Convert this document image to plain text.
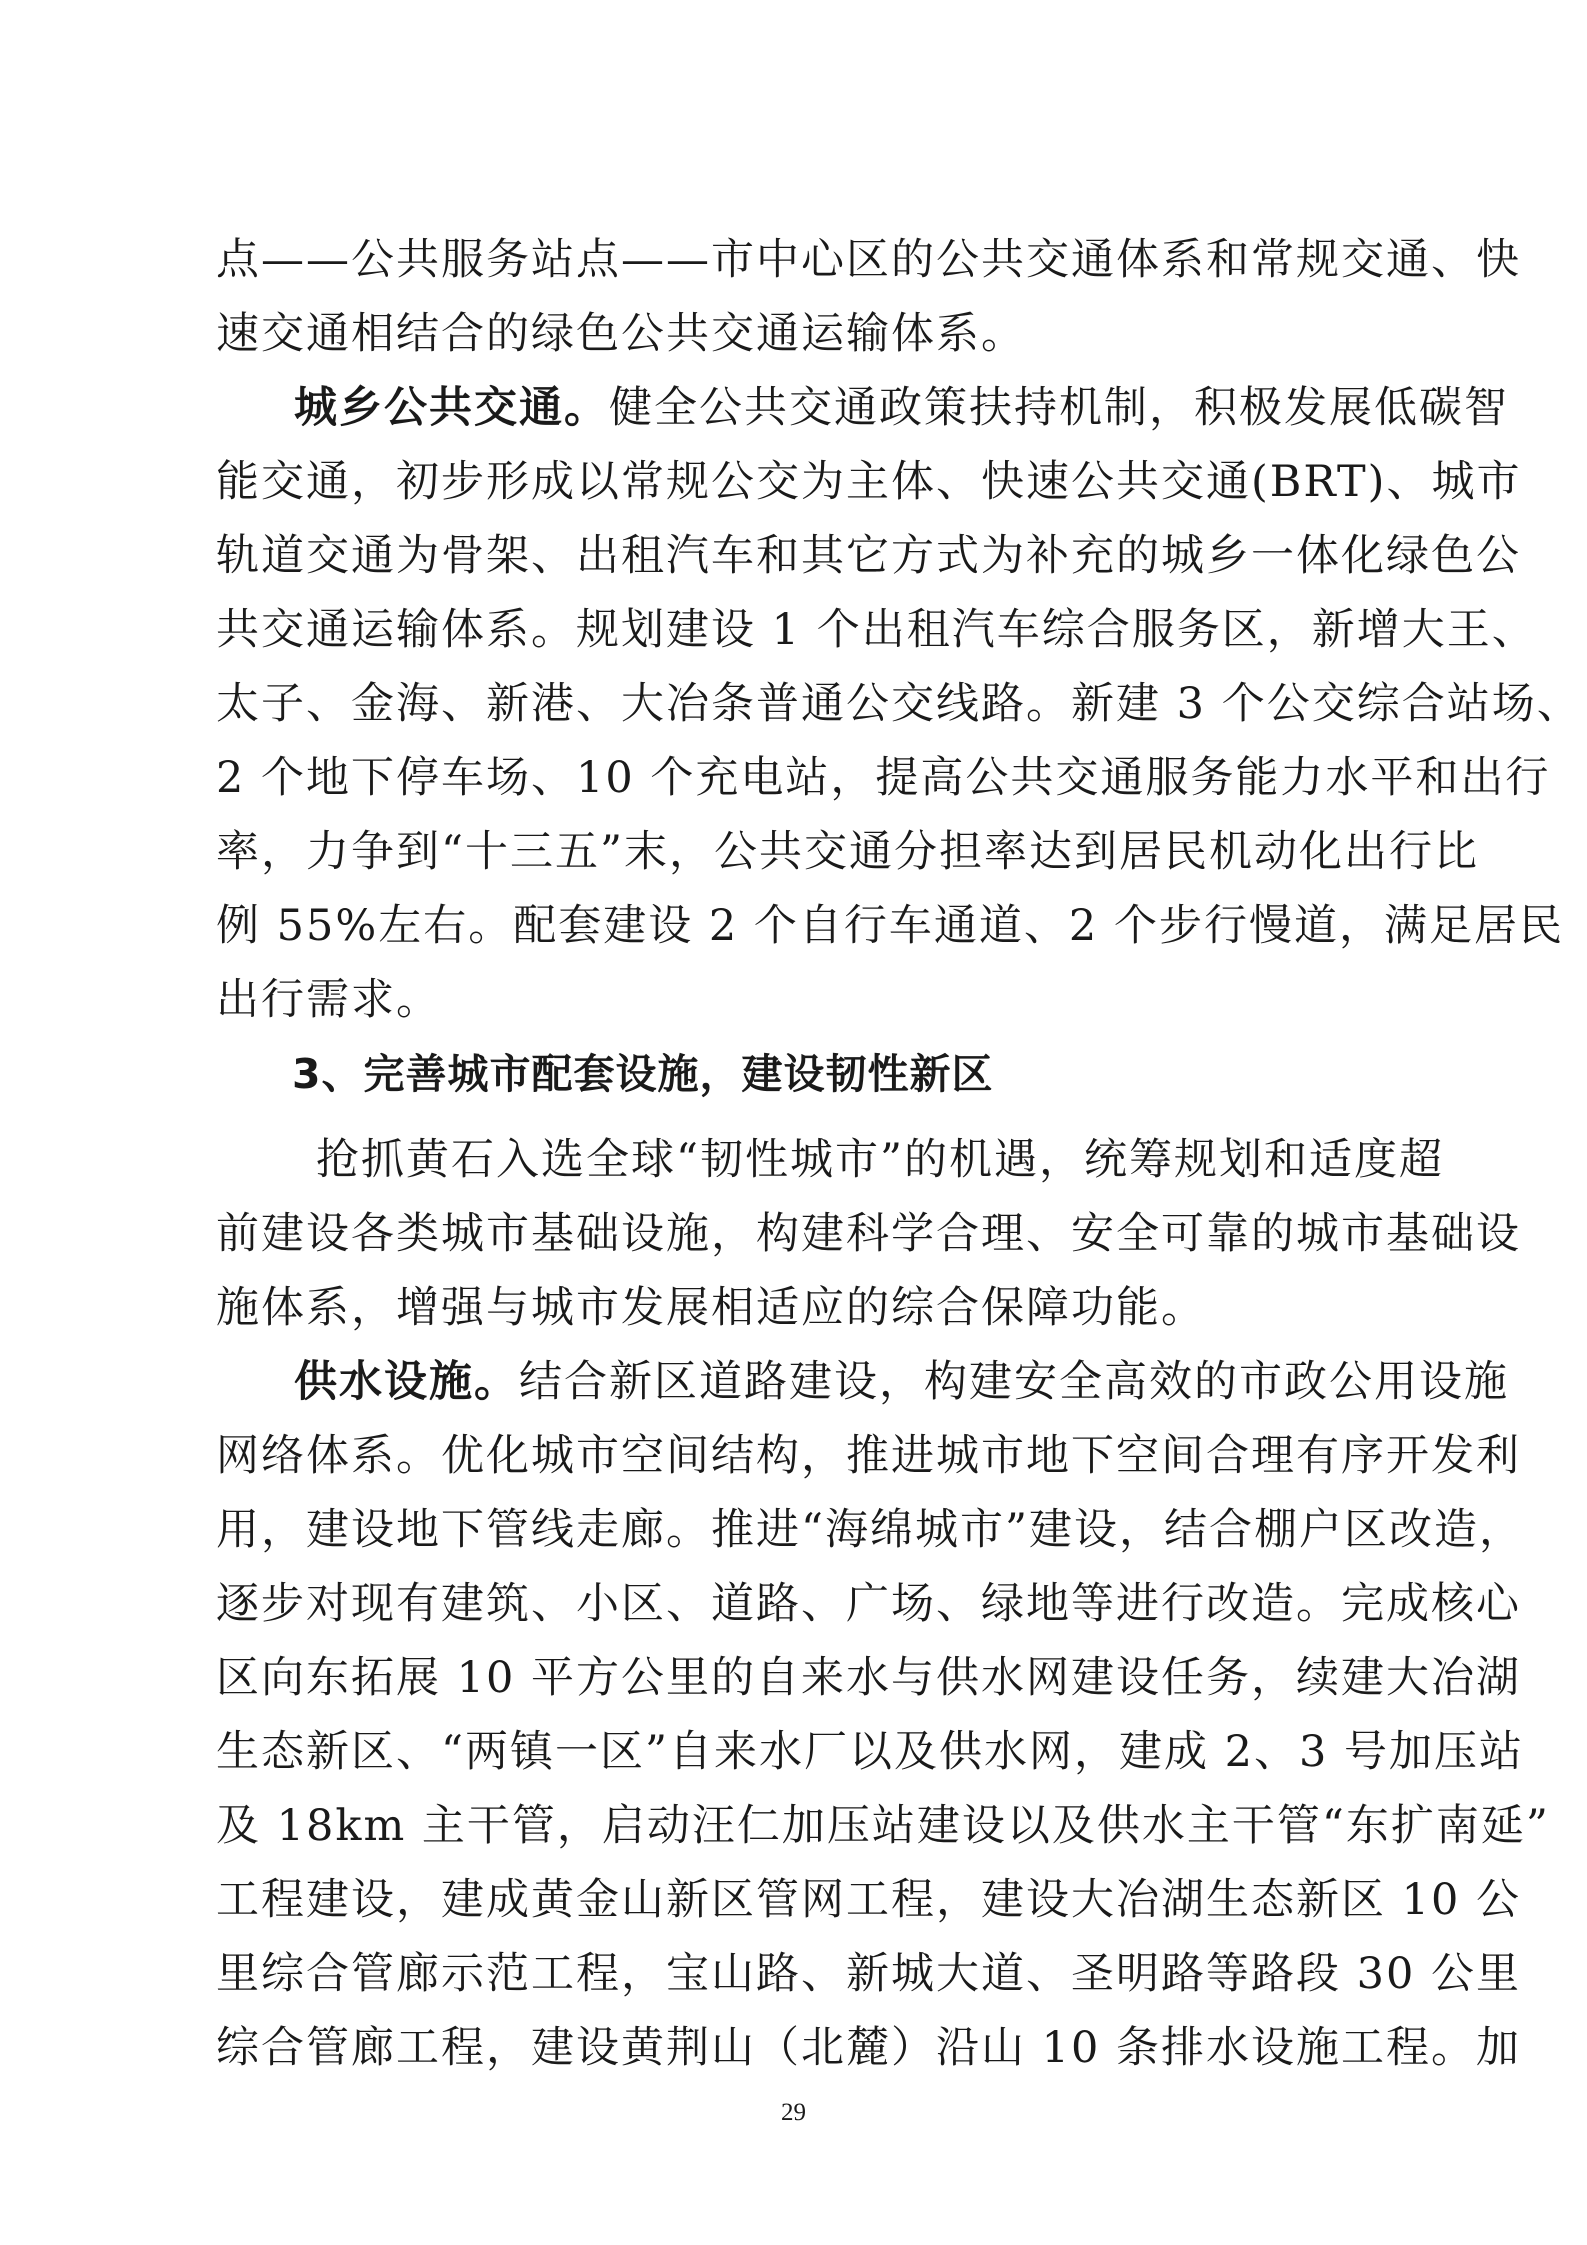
点——公共服务站点——市中心区的公共交通体系和常规交通、快
速交通相结合的绿色公共交通运输体系。
城乡公共交通。健全公共交通政策扶持机制，积极发展低碳智
能交通，初步形成以常规公交为主体、快速公共交通(BRT)、城市
轨道交通为骨架、出租汽车和其它方式为补充的城乡一体化绿色公
共交通运输体系。规划建设 1 个出租汽车综合服务区，新增大王、
太子、金海、新港、大冶条普通公交线路。新建 3 个公交综合站场、
2 个地下停车场、10 个充电站，提高公共交通服务能力水平和出行
率，力争到“十三五”末，公共交通分担率达到居民机动化出行比
例 55%左右。配套建设 2 个自行车通道、2 个步行慢道，满足居民
出行需求。
3、完善城市配套设施，建设韧性新区
抢抓黄石入选全球“韧性城市”的机遇，统筹规划和适度超
前建设各类城市基础设施，构建科学合理、安全可靠的城市基础设
施体系，增强与城市发展相适应的综合保障功能。
供水设施。结合新区道路建设，构建安全高效的市政公用设施
网络体系。优化城市空间结构，推进城市地下空间合理有序开发利
用，建设地下管线走廊。推进“海绵城市”建设，结合棚户区改造，
逐步对现有建筑、小区、道路、广场、绿地等进行改造。完成核心
区向东拓展 10 平方公里的自来水与供水网建设任务，续建大冶湖
生态新区、“两镇一区”自来水厂以及供水网，建成 2、3 号加压站
及 18km 主干管，启动汪仁加压站建设以及供水主干管“东扩南延”
工程建设，建成黄金山新区管网工程，建设大冶湖生态新区 10 公
里综合管廊示范工程，宝山路、新城大道、圣明路等路段 30 公里
综合管廊工程，建设黄荆山（北麓）沿山 10 条排水设施工程。加
29
